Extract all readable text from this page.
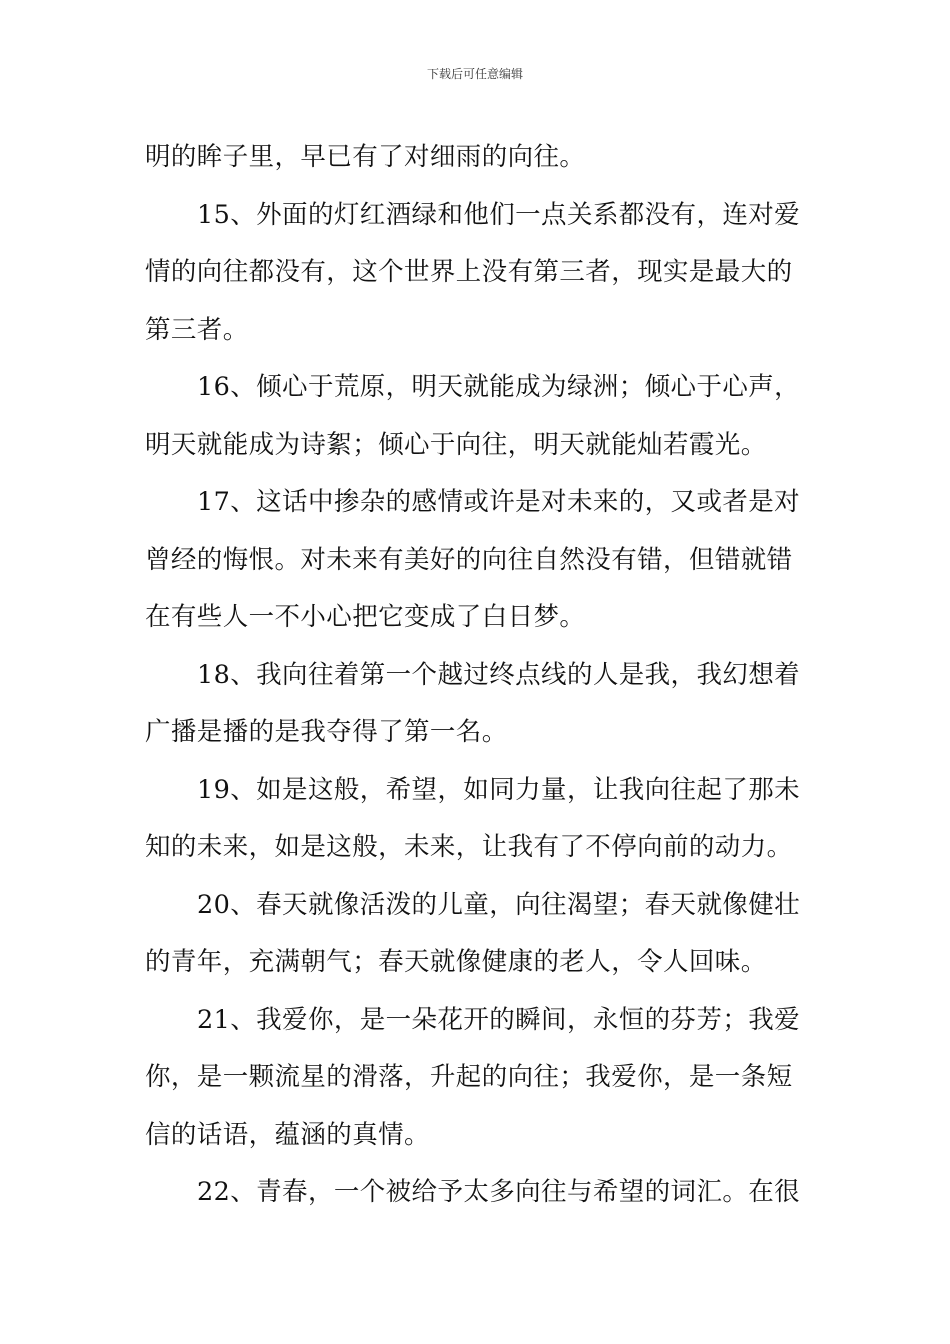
下载后可任意编辑

明的眸子里，早已有了对细雨的向往。

15、外面的灯红酒绿和他们一点关系都没有，连对爱情的向往都没有，这个世界上没有第三者，现实是最大的第三者。

16、倾心于荒原，明天就能成为绿洲；倾心于心声，明天就能成为诗絮；倾心于向往，明天就能灿若霞光。

17、这话中掺杂的感情或许是对未来的，又或者是对曾经的悔恨。对未来有美好的向往自然没有错，但错就错在有些人一不小心把它变成了白日梦。

18、我向往着第一个越过终点线的人是我，我幻想着广播是播的是我夺得了第一名。

19、如是这般，希望，如同力量，让我向往起了那未知的未来，如是这般，未来，让我有了不停向前的动力。

20、春天就像活泼的儿童，向往渴望；春天就像健壮的青年，充满朝气；春天就像健康的老人，令人回味。

21、我爱你，是一朵花开的瞬间，永恒的芬芳；我爱你，是一颗流星的滑落，升起的向往；我爱你，是一条短信的话语，蕴涵的真情。

22、青春，一个被给予太多向往与希望的词汇。在很
